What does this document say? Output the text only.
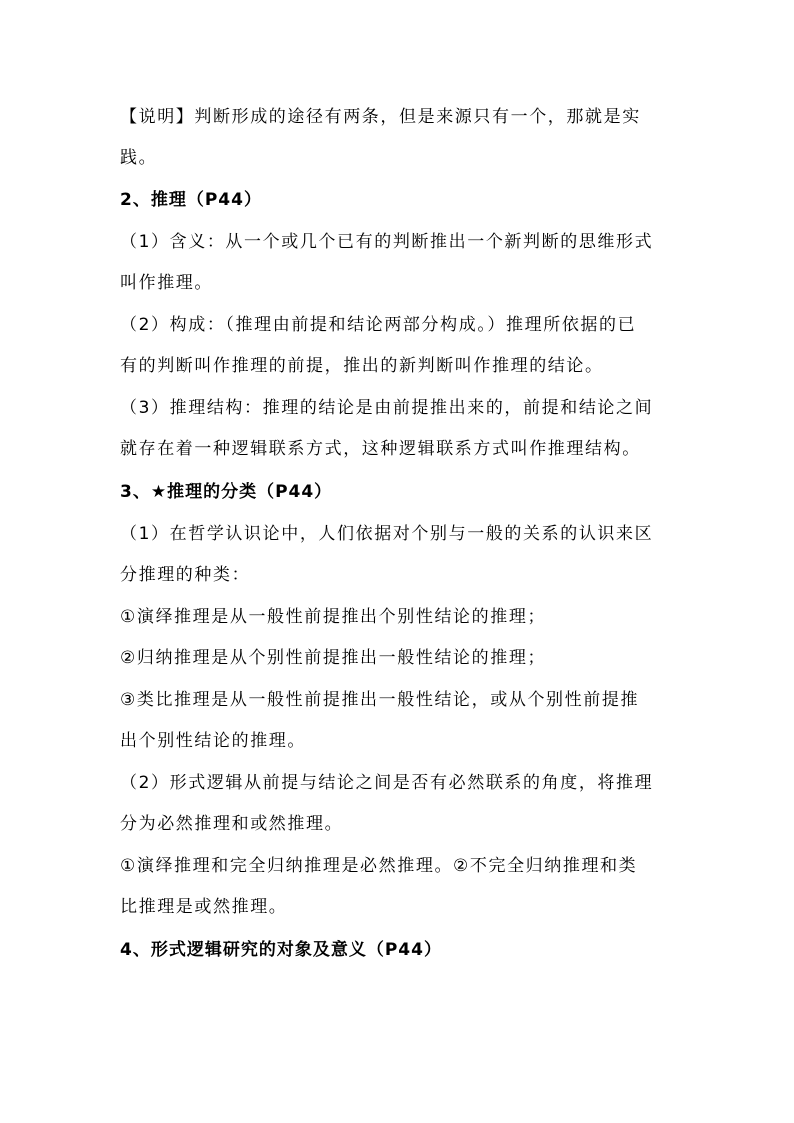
【说明】判断形成的途径有两条，但是来源只有一个，那就是实
践。
2、推理（P44）
（1）含义：从一个或几个已有的判断推出一个新判断的思维形式
叫作推理。
（2）构成：（推理由前提和结论两部分构成。）推理所依据的已
有的判断叫作推理的前提，推出的新判断叫作推理的结论。
（3）推理结构：推理的结论是由前提推出来的，前提和结论之间
就存在着一种逻辑联系方式，这种逻辑联系方式叫作推理结构。
3、★推理的分类（P44）
（1）在哲学认识论中，人们依据对个别与一般的关系的认识来区
分推理的种类：
①演绎推理是从一般性前提推出个别性结论的推理；
②归纳推理是从个别性前提推出一般性结论的推理；
③类比推理是从一般性前提推出一般性结论，或从个别性前提推
出个别性结论的推理。
（2）形式逻辑从前提与结论之间是否有必然联系的角度，将推理
分为必然推理和或然推理。
①演绎推理和完全归纳推理是必然推理。②不完全归纳推理和类
比推理是或然推理。
4、形式逻辑研究的对象及意义（P44）
